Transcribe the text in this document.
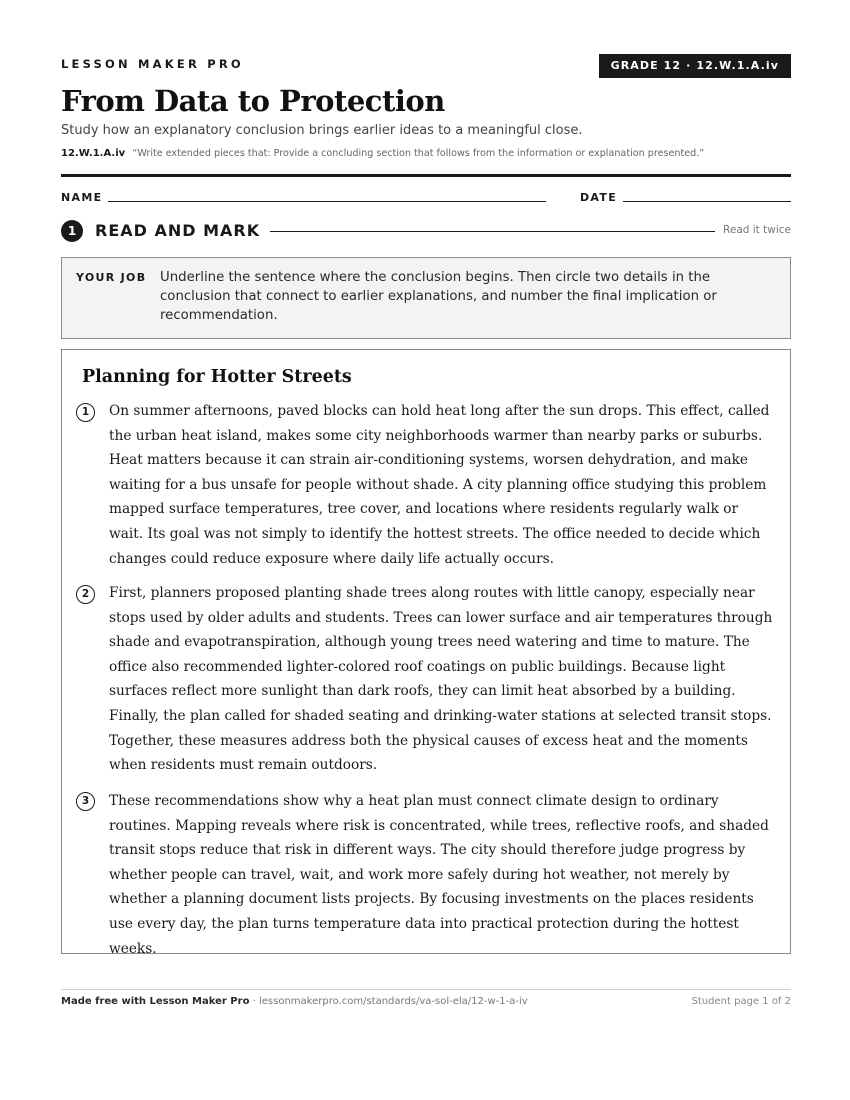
LESSON MAKER PRO	GRADE 12 · 12.W.1.A.iv
From Data to Protection
Study how an explanatory conclusion brings earlier ideas to a meaningful close.
12.W.1.A.iv “Write extended pieces that: Provide a concluding section that follows from the information or explanation presented.”
NAME	DATE
1	READ AND MARK	Read it twice
YOUR JOB Underline the sentence where the conclusion begins. Then circle two details in the conclusion that connect to earlier explanations, and number the final implication or recommendation.
Planning for Hotter Streets
1	On summer afternoons, paved blocks can hold heat long after the sun drops. This effect, called the urban heat island, makes some city neighborhoods warmer than nearby parks or suburbs. Heat matters because it can strain air-conditioning systems, worsen dehydration, and make waiting for a bus unsafe for people without shade. A city planning office studying this problem mapped surface temperatures, tree cover, and locations where residents regularly walk or wait. Its goal was not simply to identify the hottest streets. The office needed to decide which changes could reduce exposure where daily life actually occurs.

2	First, planners proposed planting shade trees along routes with little canopy, especially near stops used by older adults and students. Trees can lower surface and air temperatures through shade and evapotranspiration, although young trees need watering and time to mature. The office also recommended lighter-colored roof coatings on public buildings. Because light surfaces reflect more sunlight than dark roofs, they can limit heat absorbed by a building. Finally, the plan called for shaded seating and drinking-water stations at selected transit stops. Together, these measures address both the physical causes of excess heat and the moments when residents must remain outdoors.

3	These recommendations show why a heat plan must connect climate design to ordinary routines. Mapping reveals where risk is concentrated, while trees, reflective roofs, and shaded transit stops reduce that risk in different ways. The city should therefore judge progress by whether people can travel, wait, and work more safely during hot weather, not merely by whether a planning document lists projects. By focusing investments on the places residents use every day, the plan turns temperature data into practical protection during the hottest weeks.

Made free with Lesson Maker Pro · lessonmakerpro.com/standards/va-sol-ela/12-w-1-a-iv	Student page 1 of 2
